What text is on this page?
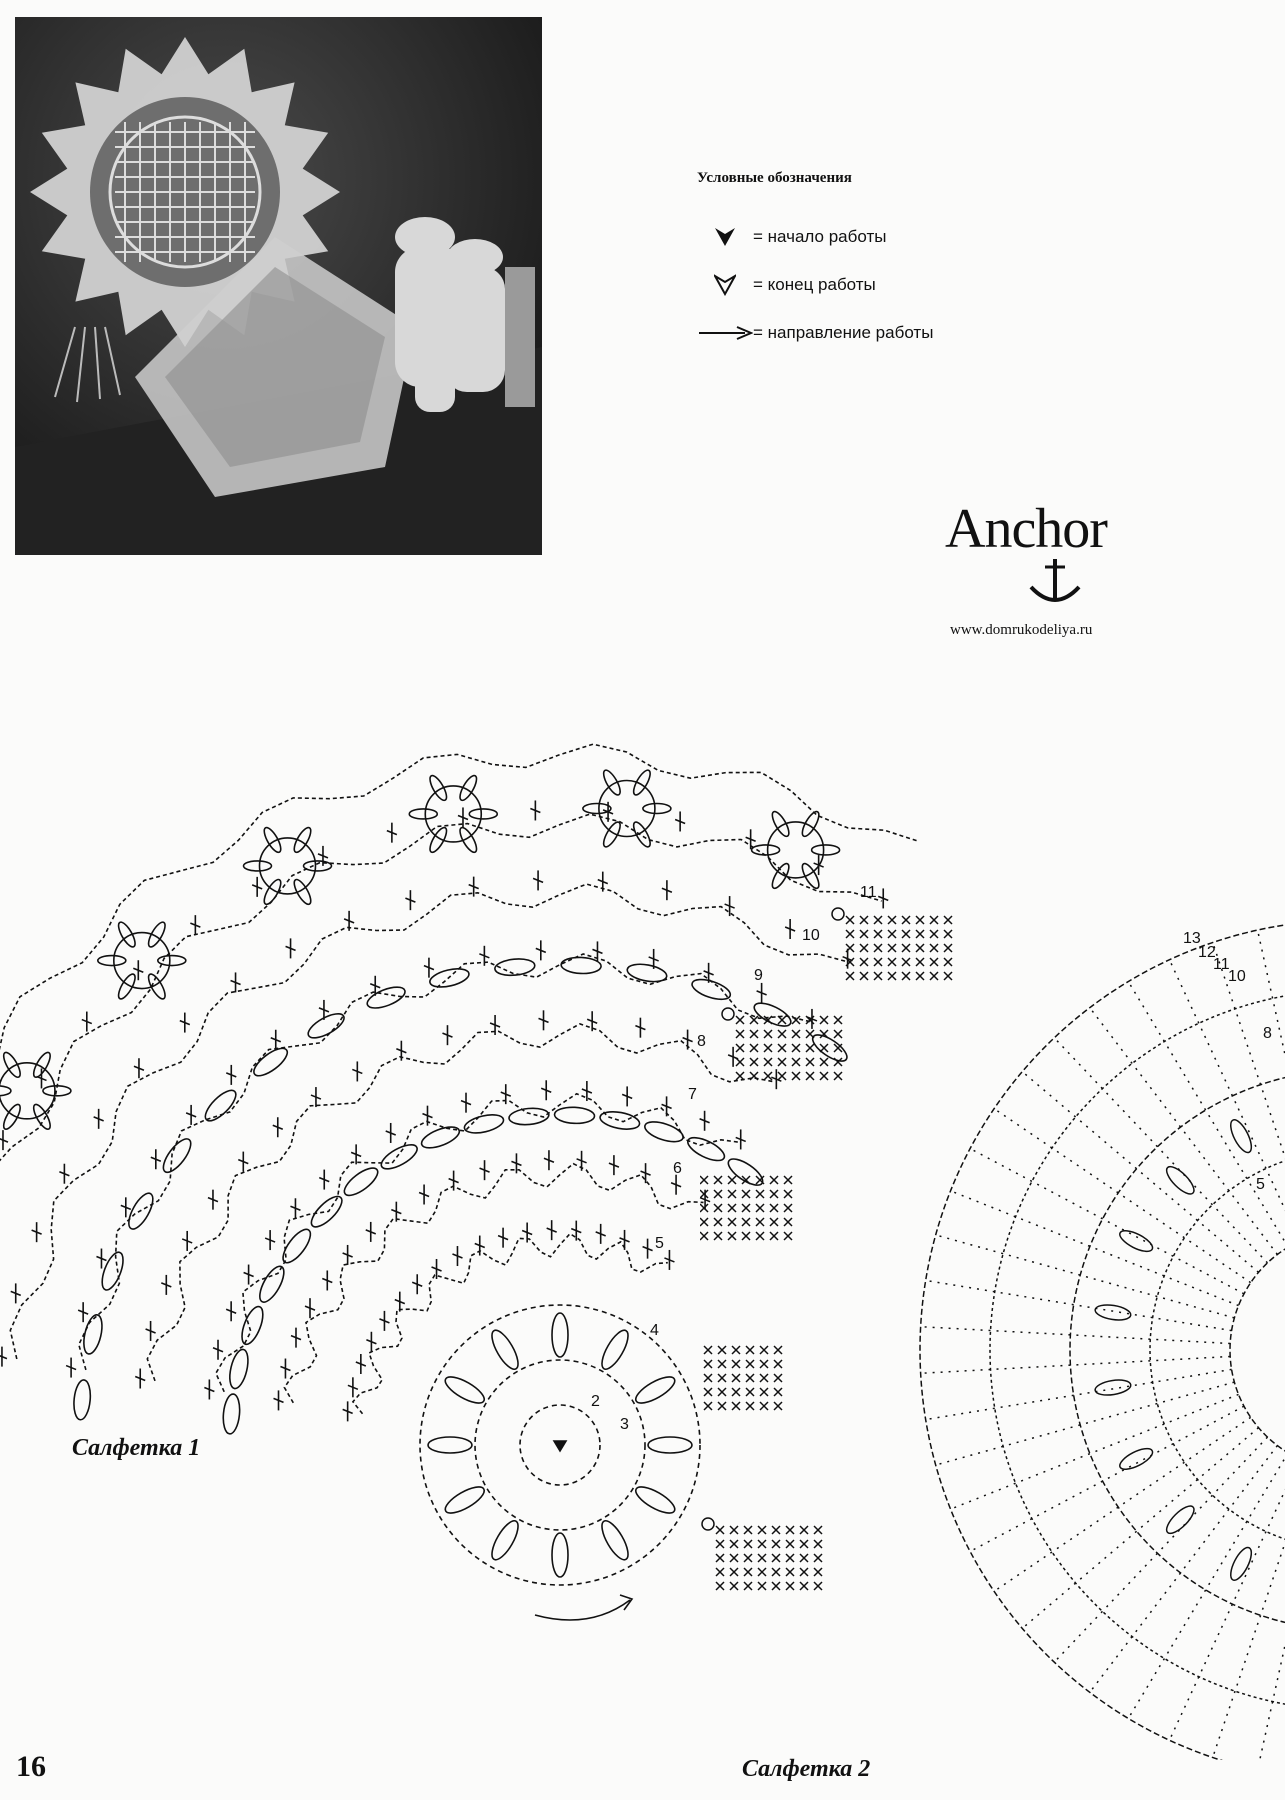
Условные обозначения
= начало работы
= конец работы
= направление работы
Anchor
www.domrukodeliya.ru
Салфетка 1
Салфетка 2
2
3
4
5
6
7
8
9
10
11
5
8
10
11
12
13
16
